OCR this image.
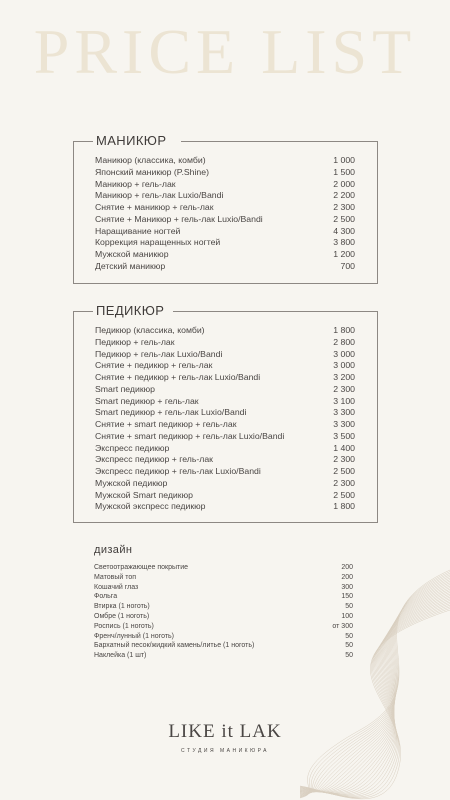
PRICE LIST
МАНИКЮР
Маникюр (классика, комби)	1 000
Японский маникюр (P.Shine)	1 500
Маникюр + гель-лак	2 000
Маникюр + гель-лак Luxio/Bandi	2 200
Снятие + маникюр + гель-лак	2 300
Снятие + Маникюр + гель-лак Luxio/Bandi	2 500
Наращивание ногтей	4 300
Коррекция наращенных ногтей	3 800
Мужской маникюр	1 200
Детский маникюр	700
ПЕДИКЮР
Педикюр (классика, комби)	1 800
Педикюр + гель-лак	2 800
Педикюр + гель-лак Luxio/Bandi	3 000
Снятие + педикюр + гель-лак	3 000
Снятие + педикюр + гель-лак Luxio/Bandi	3 200
Smart педикюр	2 300
Smart педикюр + гель-лак	3 100
Smart педикюр + гель-лак Luxio/Bandi	3 300
Снятие + smart педикюр + гель-лак	3 300
Снятие + smart педикюр + гель-лак Luxio/Bandi	3 500
Экспресс педикюр	1 400
Экспресс педикюр + гель-лак	2 300
Экспресс педикюр + гель-лак Luxio/Bandi	2 500
Мужской педикюр	2 300
Мужской Smart педикюр	2 500
Мужской экспресс педикюр	1 800
дизайн
Светоотражающее покрытие	200
Матовый топ	200
Кошачий глаз	300
Фольга	150
Втирка (1 ноготь)	50
Омбре (1 ноготь)	100
Роспись (1 ноготь)	от 300
Френч/лунный (1 ноготь)	50
Бархатный песок/жидкий камень/литье (1 ноготь)	50
Наклейка (1 шт)	50
LIKE it LAK
СТУДИЯ МАНИКЮРА
